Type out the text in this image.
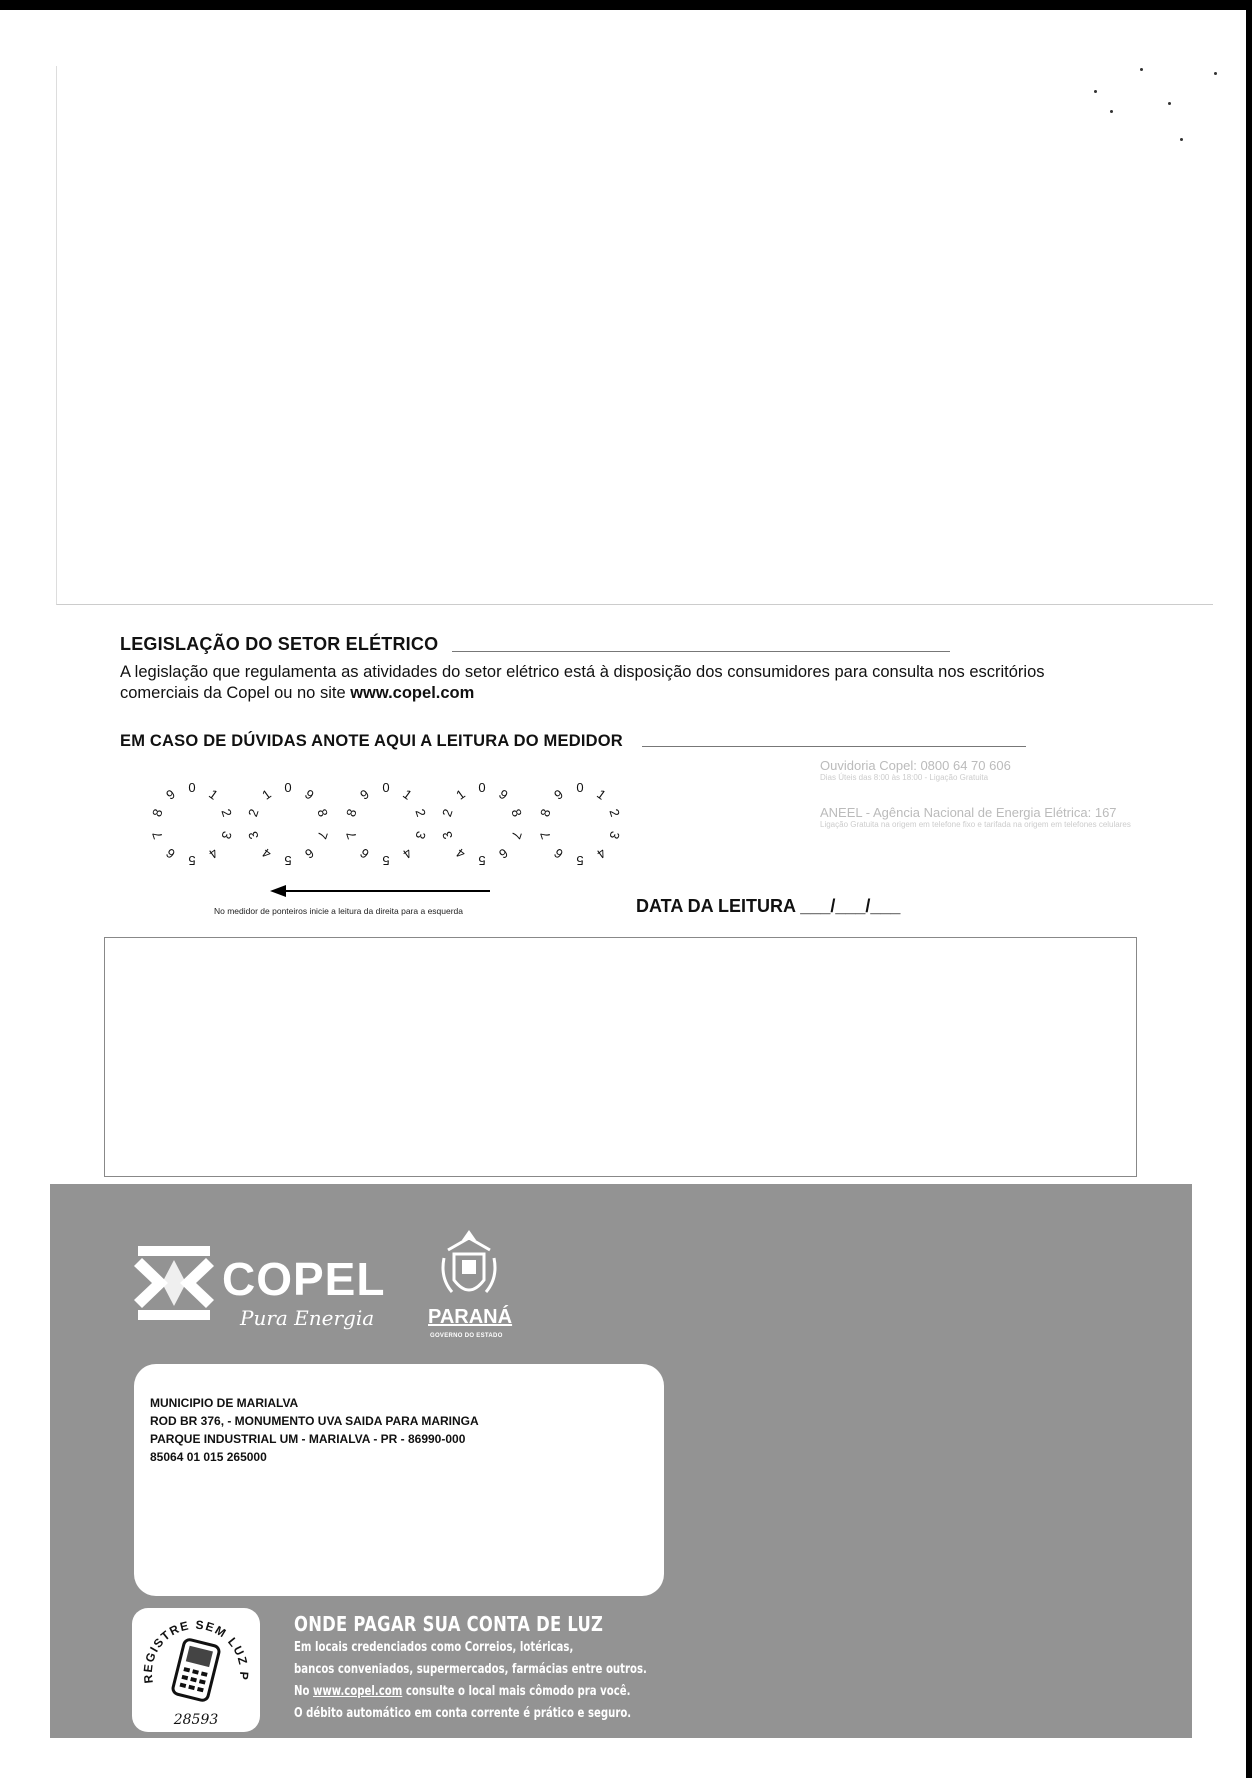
LEGISLAÇÃO DO SETOR ELÉTRICO
A legislação que regulamenta as atividades do setor elétrico está à disposição dos consumidores para consulta nos escritórios comerciais da Copel ou no site www.copel.com
EM CASO DE DÚVIDAS ANOTE AQUI A LEITURA DO MEDIDOR
Ouvidoria Copel: 0800 64 70 606
Dias Úteis das 8:00 às 18:00 - Ligação Gratuita
ANEEL - Agência Nacional de Energia Elétrica: 167
Ligação Gratuita na origem em telefone fixo e tarifada na origem em telefones celulares
0 1
2
3
4
5
6
7
8
9	0
1
2
3
4 5 6
7
8
9	0 1
2
3
4
5
6
7
8
9	0
1
2
3
4 5 6
7
8
9	0 1
2
3
4
5
6
7
8
9
No medidor de ponteiros inicie a leitura da direita para a esquerda	DATA DA LEITURA ___/___/___
COPEL
Pura Energia	PARANÁ
GOVERNO DO ESTADO
MUNICIPIO DE MARIALVA
ROD BR 376, - MONUMENTO UVA SAIDA PARA MARINGA
PARQUE INDUSTRIAL UM - MARIALVA - PR - 86990-000
85064 01 015 265000
REGISTRE SEM LUZ P
28593
ONDE PAGAR SUA CONTA DE LUZ
Em locais credenciados como Correios, lotéricas,
bancos conveniados, supermercados, farmácias entre outros.
No www.copel.com consulte o local mais cômodo pra você.
O débito automático em conta corrente é prático e seguro.
